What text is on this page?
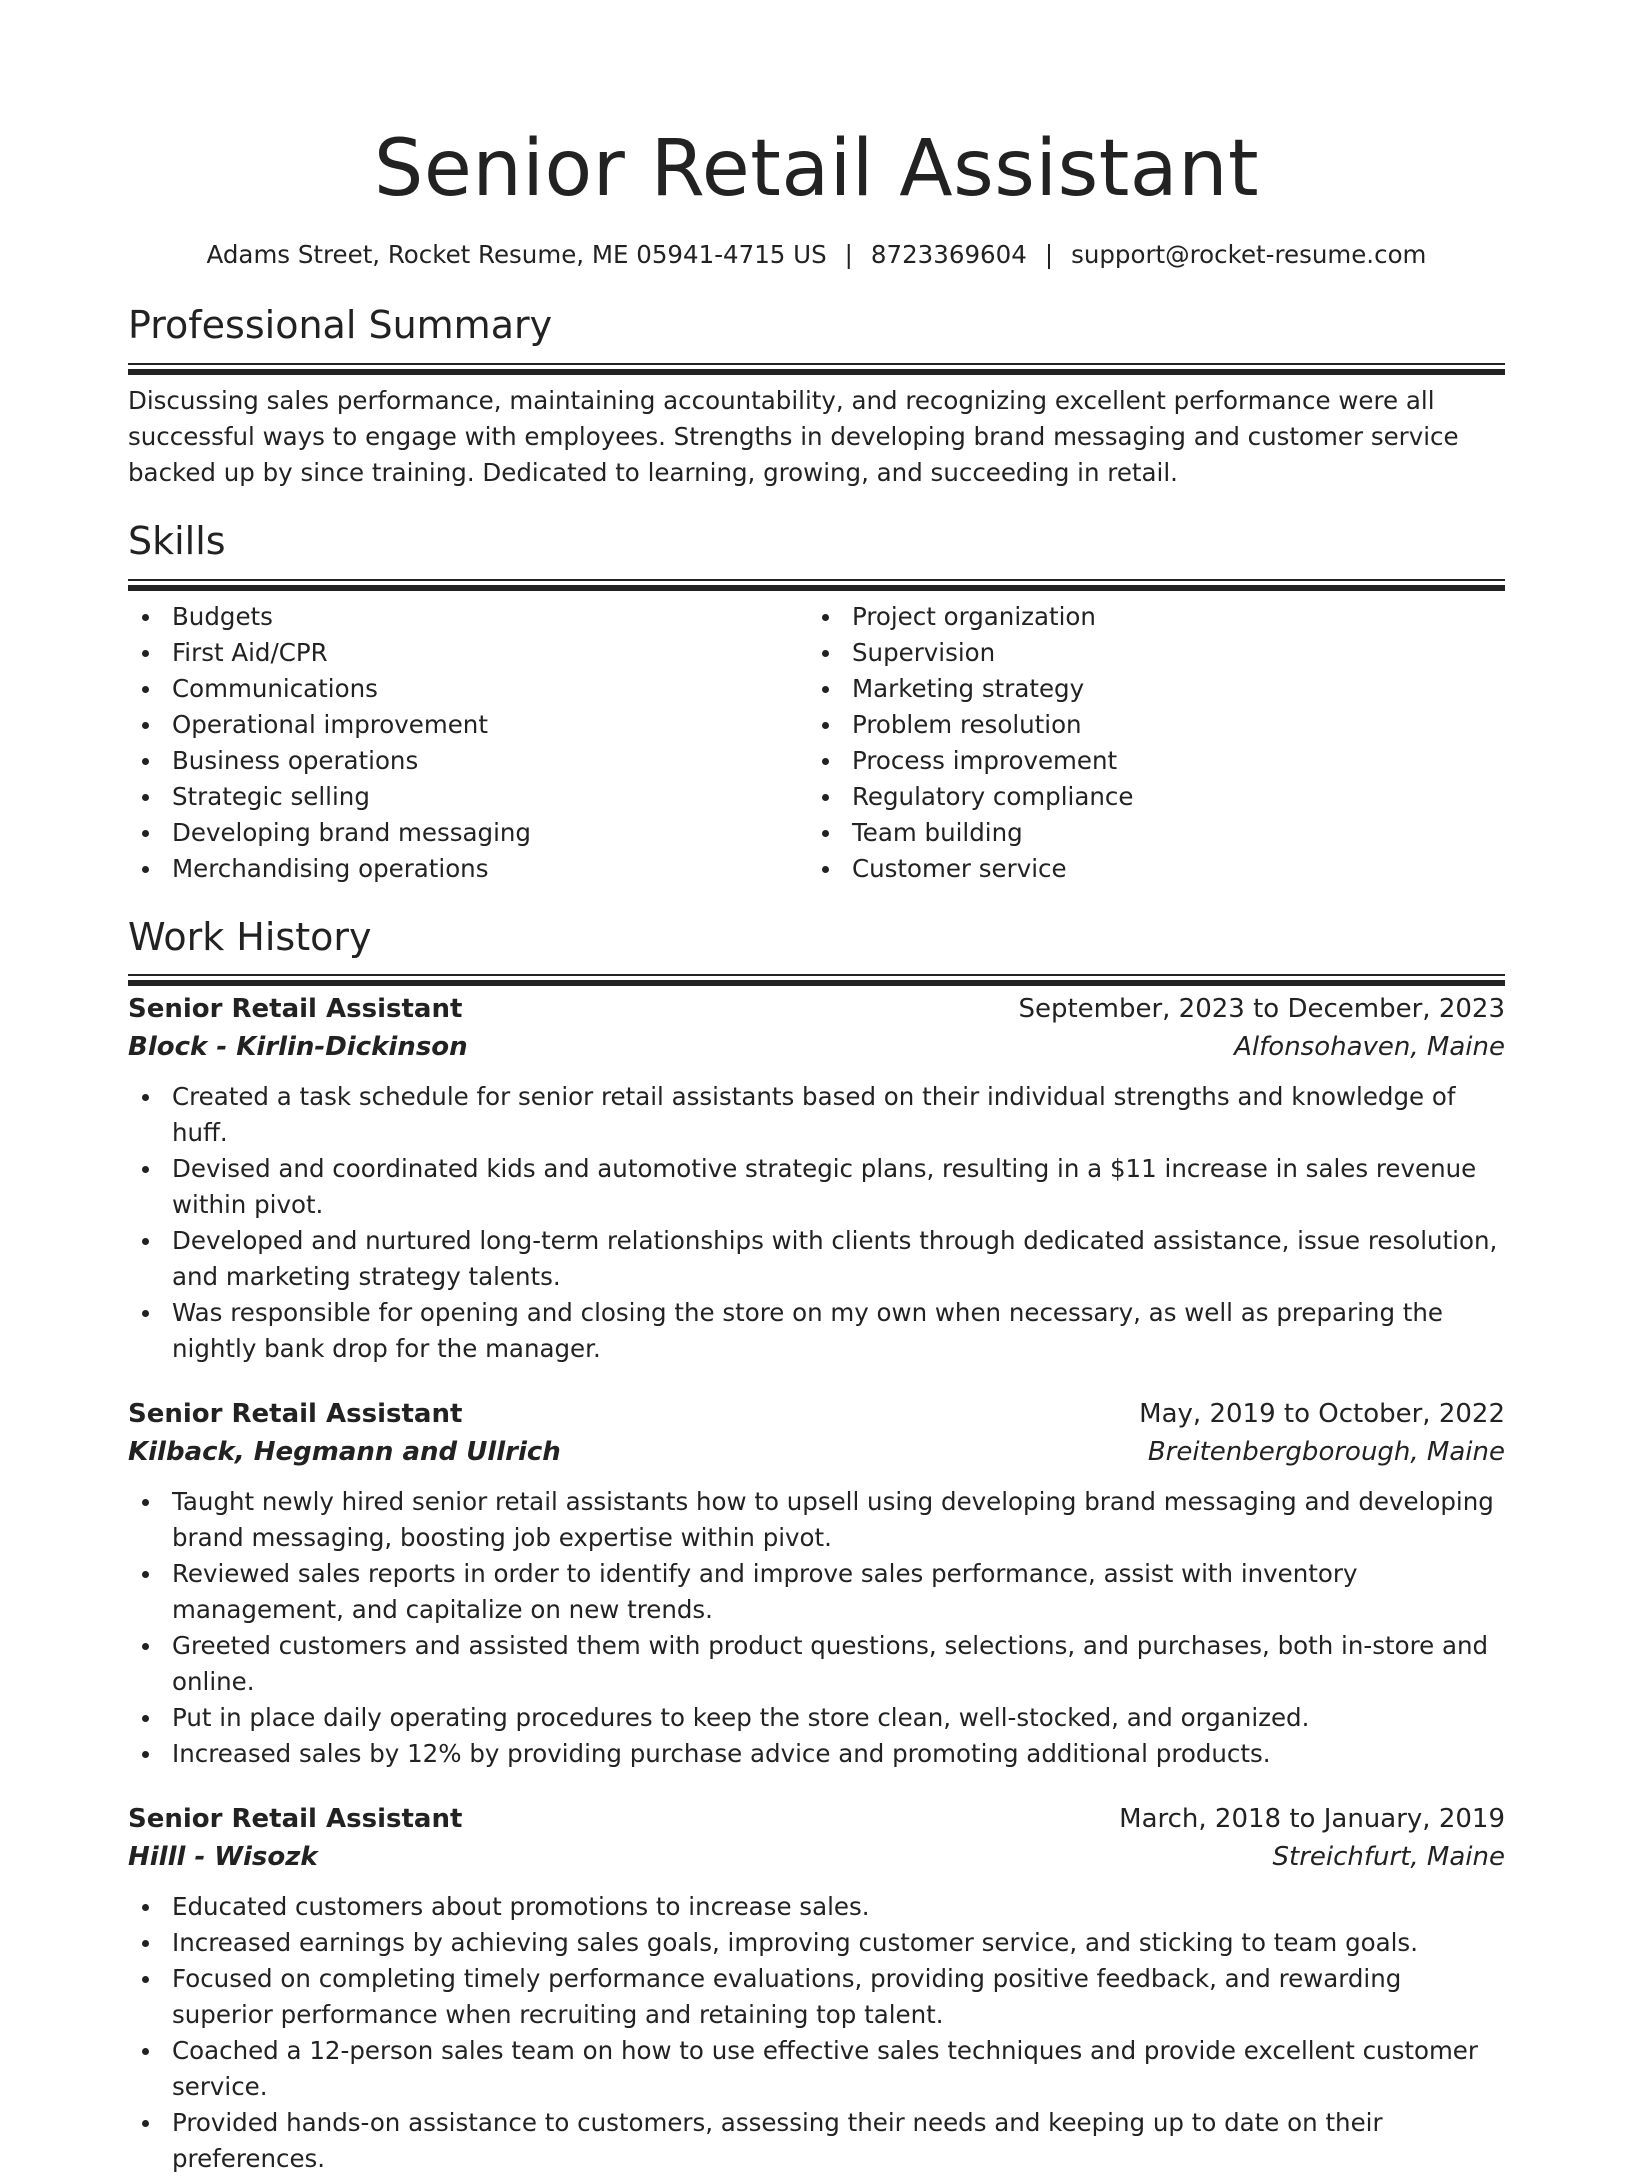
Senior Retail Assistant
Adams Street, Rocket Resume, ME 05941-4715 US | 8723369604 | support@rocket-resume.com
Professional Summary

Discussing sales performance, maintaining accountability, and recognizing excellent performance were all successful ways to engage with employees. Strengths in developing brand messaging and customer service backed up by since training. Dedicated to learning, growing, and succeeding in retail.

Skills
Budgets
First Aid/CPR
Communications
Operational improvement
Business operations
Strategic selling
Developing brand messaging
Merchandising operations
Project organization
Supervision
Marketing strategy
Problem resolution
Process improvement
Regulatory compliance
Team building
Customer service
Work History
Senior Retail Assistant	September, 2023 to December, 2023
Block - Kirlin-Dickinson	Alfonsohaven, Maine
Created a task schedule for senior retail assistants based on their individual strengths and knowledge of huff.
Devised and coordinated kids and automotive strategic plans, resulting in a $11 increase in sales revenue within pivot.
Developed and nurtured long-term relationships with clients through dedicated assistance, issue resolution, and marketing strategy talents.
Was responsible for opening and closing the store on my own when necessary, as well as preparing the nightly bank drop for the manager.
Senior Retail Assistant	May, 2019 to October, 2022
Kilback, Hegmann and Ullrich	Breitenbergborough, Maine
Taught newly hired senior retail assistants how to upsell using developing brand messaging and developing brand messaging, boosting job expertise within pivot.
Reviewed sales reports in order to identify and improve sales performance, assist with inventory management, and capitalize on new trends.
Greeted customers and assisted them with product questions, selections, and purchases, both in-store and online.
Put in place daily operating procedures to keep the store clean, well-stocked, and organized.
Increased sales by 12% by providing purchase advice and promoting additional products.
Senior Retail Assistant	March, 2018 to January, 2019
Hilll - Wisozk	Streichfurt, Maine
Educated customers about promotions to increase sales.
Increased earnings by achieving sales goals, improving customer service, and sticking to team goals.
Focused on completing timely performance evaluations, providing positive feedback, and rewarding superior performance when recruiting and retaining top talent.
Coached a 12-person sales team on how to use effective sales techniques and provide excellent customer service.
Provided hands-on assistance to customers, assessing their needs and keeping up to date on their preferences.
